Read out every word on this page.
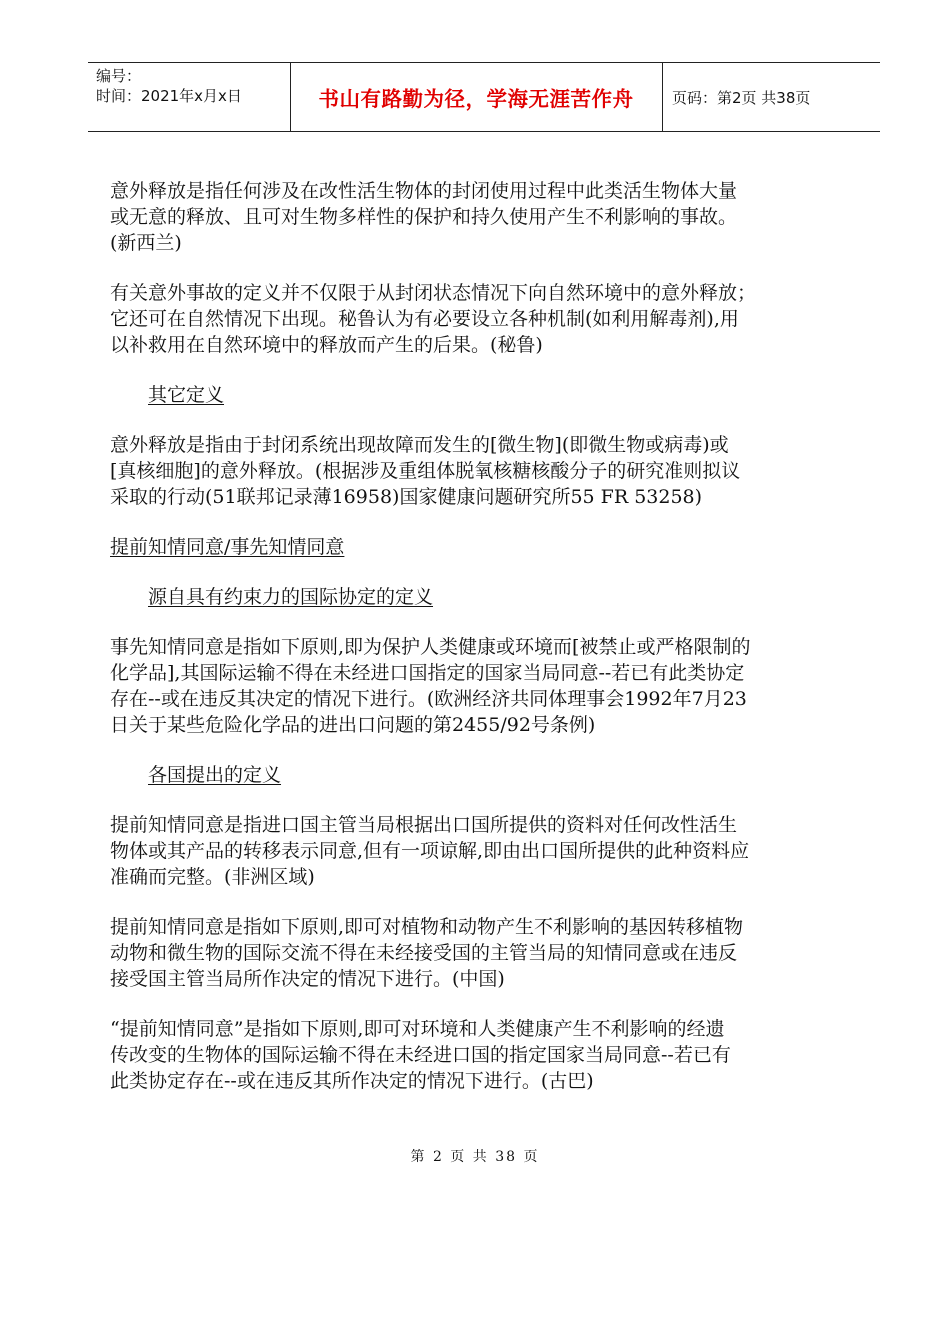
编号：
时间：2021年x月x日	书山有路勤为径，学海无涯苦作舟	页码：第2页 共38页
意外释放是指任何涉及在改性活生物体的封闭使用过程中此类活生物体大量
或无意的释放、且可对生物多样性的保护和持久使用产生不利影响的事故。
(新西兰)
有关意外事故的定义并不仅限于从封闭状态情况下向自然环境中的意外释放；
它还可在自然情况下出现。秘鲁认为有必要设立各种机制(如利用解毒剂),用
以补救用在自然环境中的释放而产生的后果。(秘鲁)
其它定义
意外释放是指由于封闭系统出现故障而发生的[微生物](即微生物或病毒)或
[真核细胞]的意外释放。(根据涉及重组体脱氧核糖核酸分子的研究准则拟议
采取的行动(51联邦记录薄16958)国家健康问题研究所55 FR 53258)
提前知情同意/事先知情同意
源自具有约束力的国际协定的定义
事先知情同意是指如下原则,即为保护人类健康或环境而[被禁止或严格限制的
化学品],其国际运输不得在未经进口国指定的国家当局同意--若已有此类协定
存在--或在违反其决定的情况下进行。(欧洲经济共同体理事会1992年7月23
日关于某些危险化学品的进出口问题的第2455/92号条例)
各国提出的定义
提前知情同意是指进口国主管当局根据出口国所提供的资料对任何改性活生
物体或其产品的转移表示同意,但有一项谅解,即由出口国所提供的此种资料应
准确而完整。(非洲区域)
提前知情同意是指如下原则,即可对植物和动物产生不利影响的基因转移植物
动物和微生物的国际交流不得在未经接受国的主管当局的知情同意或在违反
接受国主管当局所作决定的情况下进行。(中国)
“提前知情同意”是指如下原则,即可对环境和人类健康产生不利影响的经遗
传改变的生物体的国际运输不得在未经进口国的指定国家当局同意--若已有
此类协定存在--或在违反其所作决定的情况下进行。(古巴)
第 2 页 共 38 页
